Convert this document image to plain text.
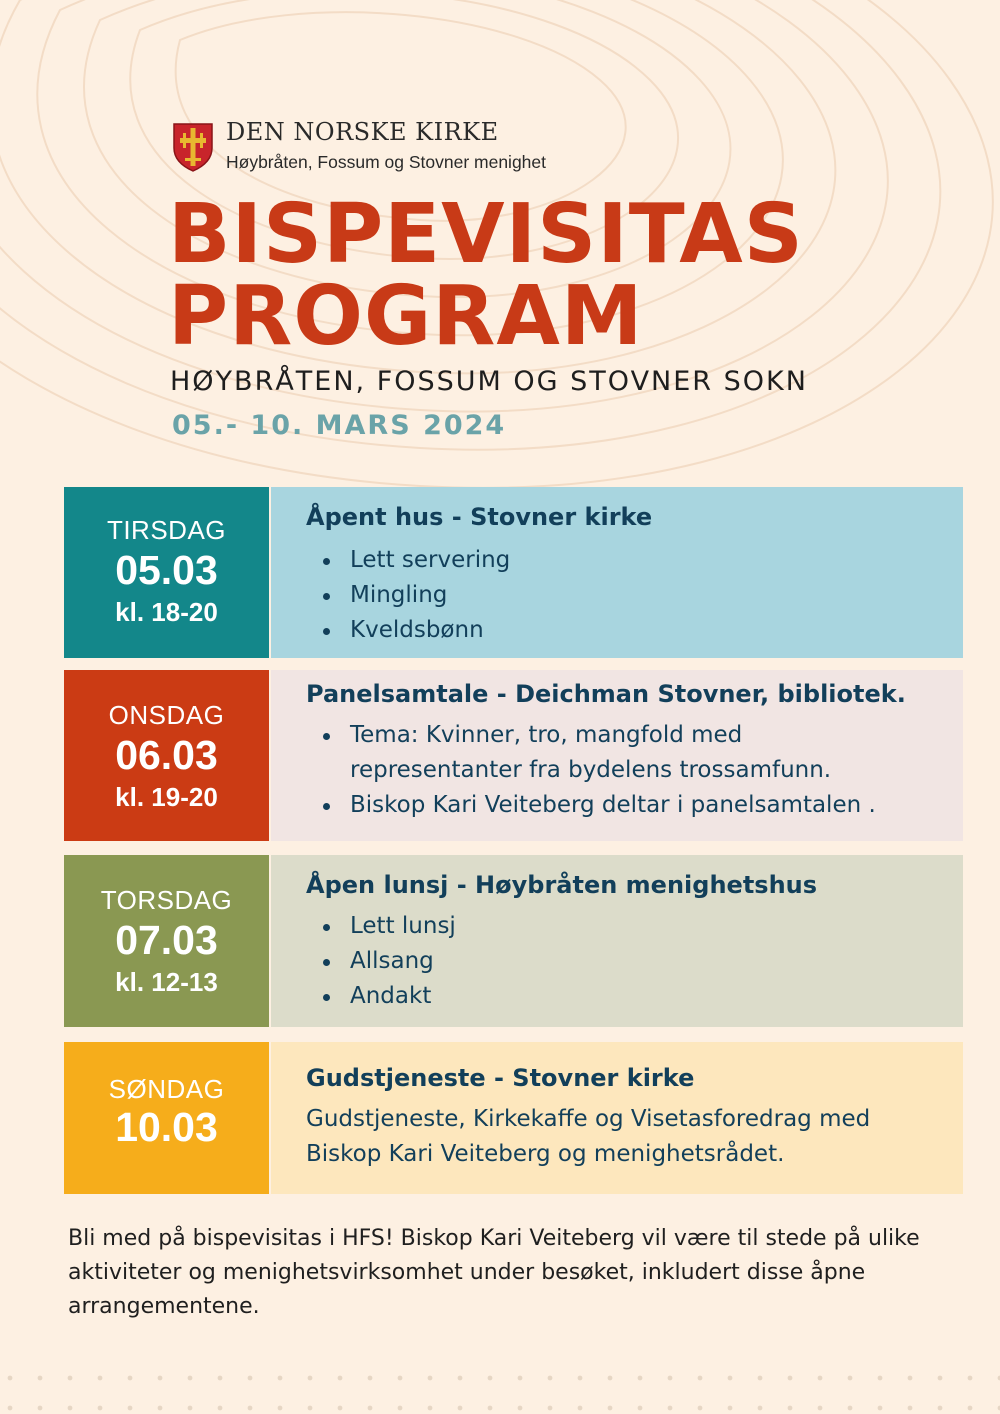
DEN NORSKE KIRKE
Høybråten, Fossum og Stovner menighet
BISPEVISITAS
PROGRAM
HØYBRÅTEN, FOSSUM OG STOVNER SOKN
05.- 10. MARS 2024
TIRSDAG
05.03
kl. 18-20
Åpent hus - Stovner kirke
Lett servering
Mingling
Kveldsbønn
ONSDAG
06.03
kl. 19-20
Panelsamtale - Deichman Stovner, bibliotek.
Tema: Kvinner, tro, mangfold med
representanter fra bydelens trossamfunn.
Biskop Kari Veiteberg deltar i panelsamtalen .
TORSDAG
07.03
kl. 12-13
Åpen lunsj - Høybråten menighetshus
Lett lunsj
Allsang
Andakt
SØNDAG
10.03
Gudstjeneste - Stovner kirke
Gudstjeneste, Kirkekaffe og Visetasforedrag med Biskop Kari Veiteberg og menighetsrådet.
Bli med på bispevisitas i HFS! Biskop Kari Veiteberg vil være til stede på ulike aktiviteter og menighetsvirksomhet under besøket, inkludert disse åpne arrangementene.
